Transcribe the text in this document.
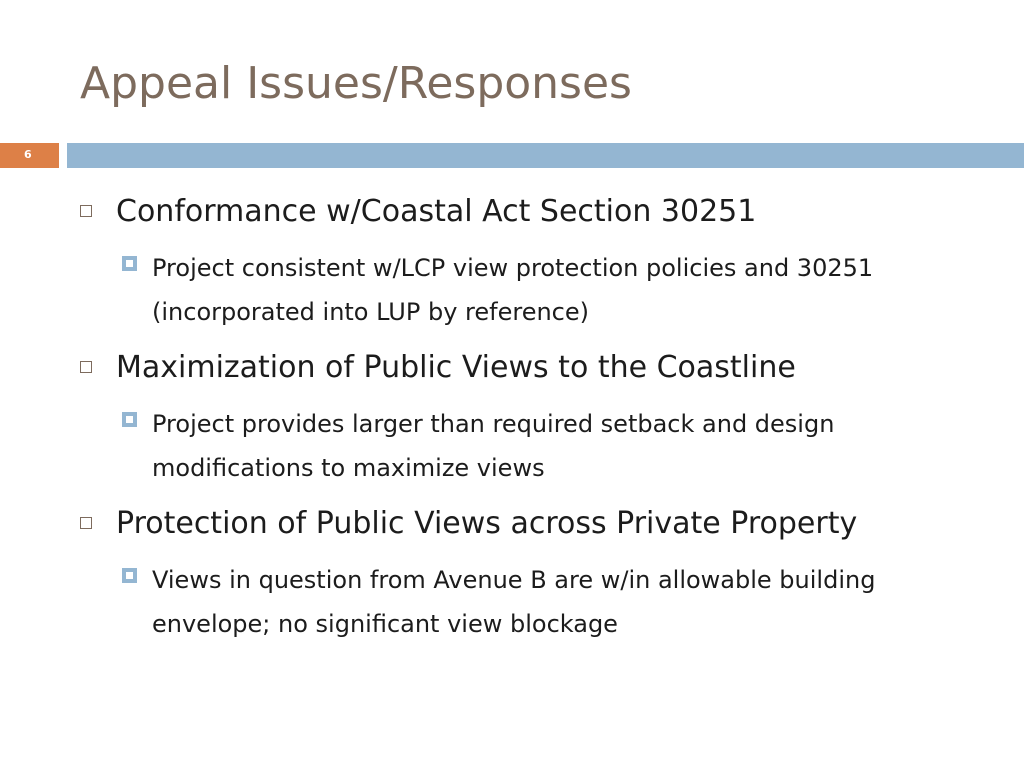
Appeal Issues/Responses
6
Conformance w/Coastal Act Section 30251
Project consistent w/LCP view protection policies and 30251 (incorporated into LUP by reference)
Maximization of Public Views to the Coastline
Project provides larger than required setback and design modifications to maximize views
Protection of Public Views across Private Property
Views in question from Avenue B are w/in allowable building envelope; no significant view blockage
